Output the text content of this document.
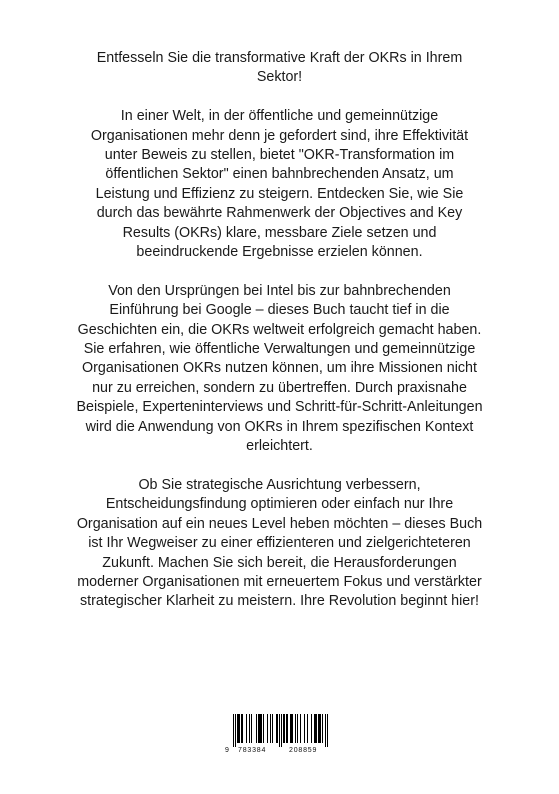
Entfesseln Sie die transformative Kraft der OKRs in Ihrem
Sektor!

In einer Welt, in der öffentliche und gemeinnützige
Organisationen mehr denn je gefordert sind, ihre Effektivität
unter Beweis zu stellen, bietet "OKR-Transformation im
öffentlichen Sektor" einen bahnbrechenden Ansatz, um
Leistung und Effizienz zu steigern. Entdecken Sie, wie Sie
durch das bewährte Rahmenwerk der Objectives and Key
Results (OKRs) klare, messbare Ziele setzen und
beeindruckende Ergebnisse erzielen können.

Von den Ursprüngen bei Intel bis zur bahnbrechenden
Einführung bei Google – dieses Buch taucht tief in die
Geschichten ein, die OKRs weltweit erfolgreich gemacht haben.
Sie erfahren, wie öffentliche Verwaltungen und gemeinnützige
Organisationen OKRs nutzen können, um ihre Missionen nicht
nur zu erreichen, sondern zu übertreffen. Durch praxisnahe
Beispiele, Experteninterviews und Schritt-für-Schritt-Anleitungen
wird die Anwendung von OKRs in Ihrem spezifischen Kontext
erleichtert.

Ob Sie strategische Ausrichtung verbessern,
Entscheidungsfindung optimieren oder einfach nur Ihre
Organisation auf ein neues Level heben möchten – dieses Buch
ist Ihr Wegweiser zu einer effizienteren und zielgerichteteren
Zukunft. Machen Sie sich bereit, die Herausforderungen
moderner Organisationen mit erneuertem Fokus und verstärkter
strategischer Klarheit zu meistern. Ihre Revolution beginnt hier!

9 783384	208859
